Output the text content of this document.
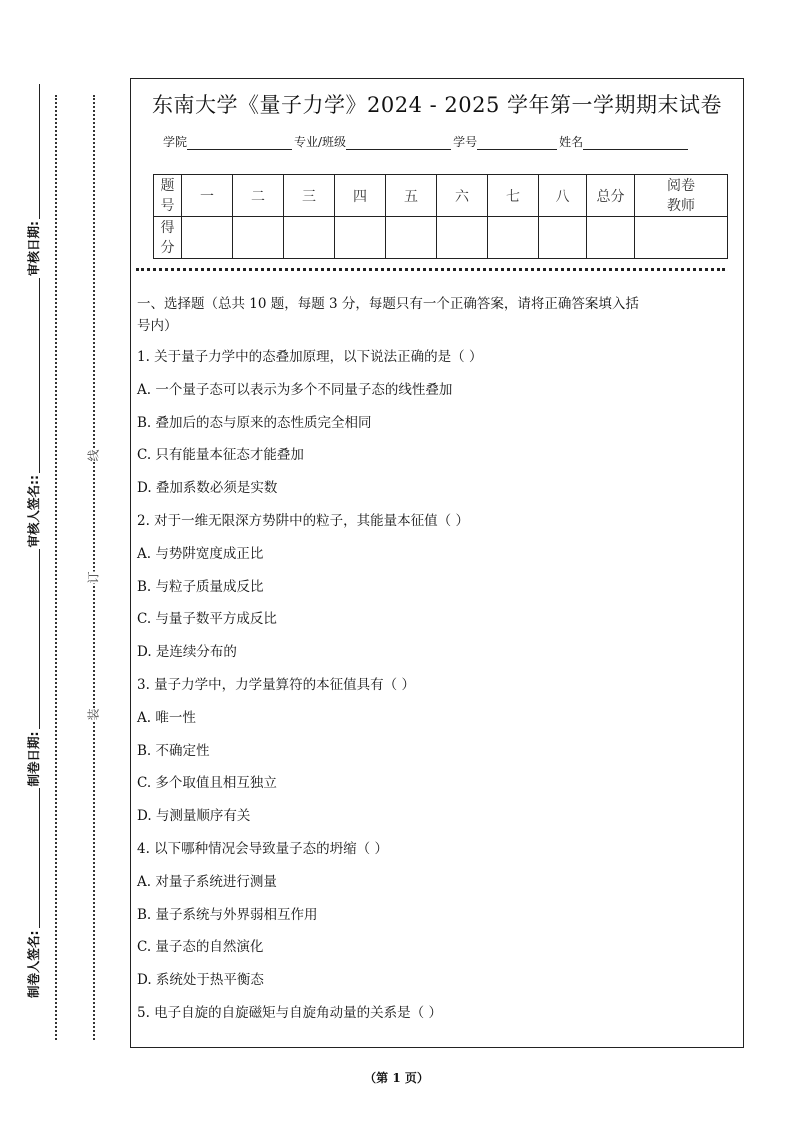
制卷人签名:
制卷日期:
审核人签名::
审核日期:
装
订
线
东南大学《量子力学》2024 - 2025 学年第一学期期末试卷
学院	专业/班级	学号	姓名
题号	一	二	三	四	五	六	七	八	总分	阅卷教师
得分										
一、选择题（总共 10 题，每题 3 分，每题只有一个正确答案，请将正确答案填入括
号内）
1. 关于量子力学中的态叠加原理，以下说法正确的是（ ）
A. 一个量子态可以表示为多个不同量子态的线性叠加
B. 叠加后的态与原来的态性质完全相同
C. 只有能量本征态才能叠加
D. 叠加系数必须是实数
2. 对于一维无限深方势阱中的粒子，其能量本征值（ ）
A. 与势阱宽度成正比
B. 与粒子质量成反比
C. 与量子数平方成反比
D. 是连续分布的
3. 量子力学中，力学量算符的本征值具有（ ）
A. 唯一性
B. 不确定性
C. 多个取值且相互独立
D. 与测量顺序有关
4. 以下哪种情况会导致量子态的坍缩（ ）
A. 对量子系统进行测量
B. 量子系统与外界弱相互作用
C. 量子态的自然演化
D. 系统处于热平衡态
5. 电子自旋的自旋磁矩与自旋角动量的关系是（ ）
（第 1 页）
